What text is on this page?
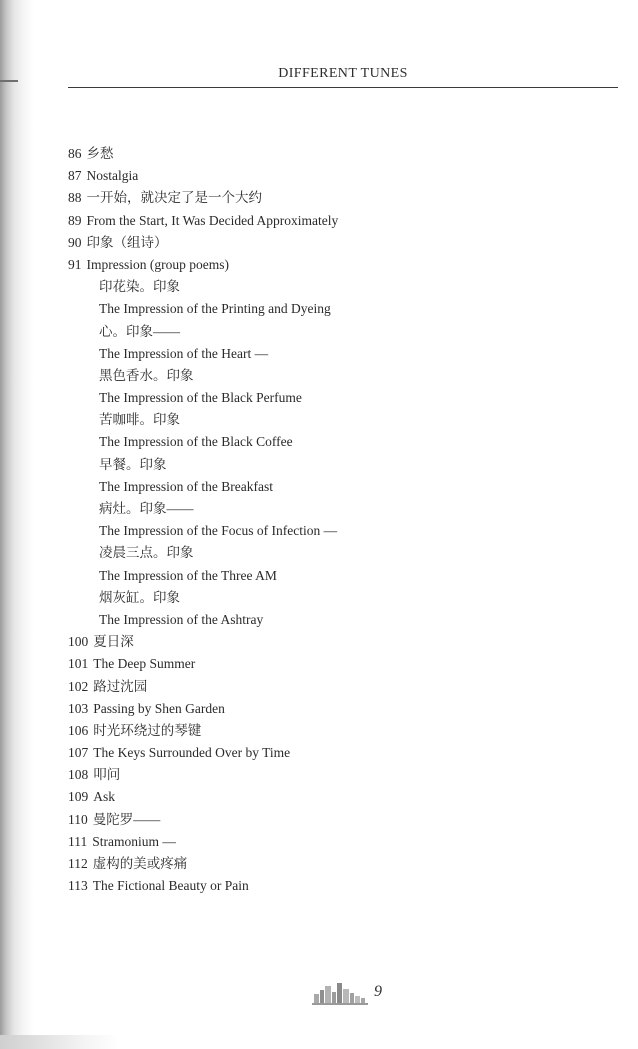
DIFFERENT TUNES
86 乡愁
87 Nostalgia
88 一开始，就决定了是一个大约
89 From the Start, It Was Decided Approximately
90 印象（组诗）
91 Impression (group poems)
印花染。印象
The Impression of the Printing and Dyeing
心。印象——
The Impression of the Heart —
黑色香水。印象
The Impression of the Black Perfume
苦咖啡。印象
The Impression of the Black Coffee
早餐。印象
The Impression of the Breakfast
病灶。印象——
The Impression of the Focus of Infection —
凌晨三点。印象
The Impression of the Three AM
烟灰缸。印象
The Impression of the Ashtray
100 夏日深
101 The Deep Summer
102 路过沈园
103 Passing by Shen Garden
106 时光环绕过的琴键
107 The Keys Surrounded Over by Time
108 叩问
109 Ask
110 曼陀罗——
111 Stramonium —
112 虚构的美或疼痛
113 The Fictional Beauty or Pain
9
